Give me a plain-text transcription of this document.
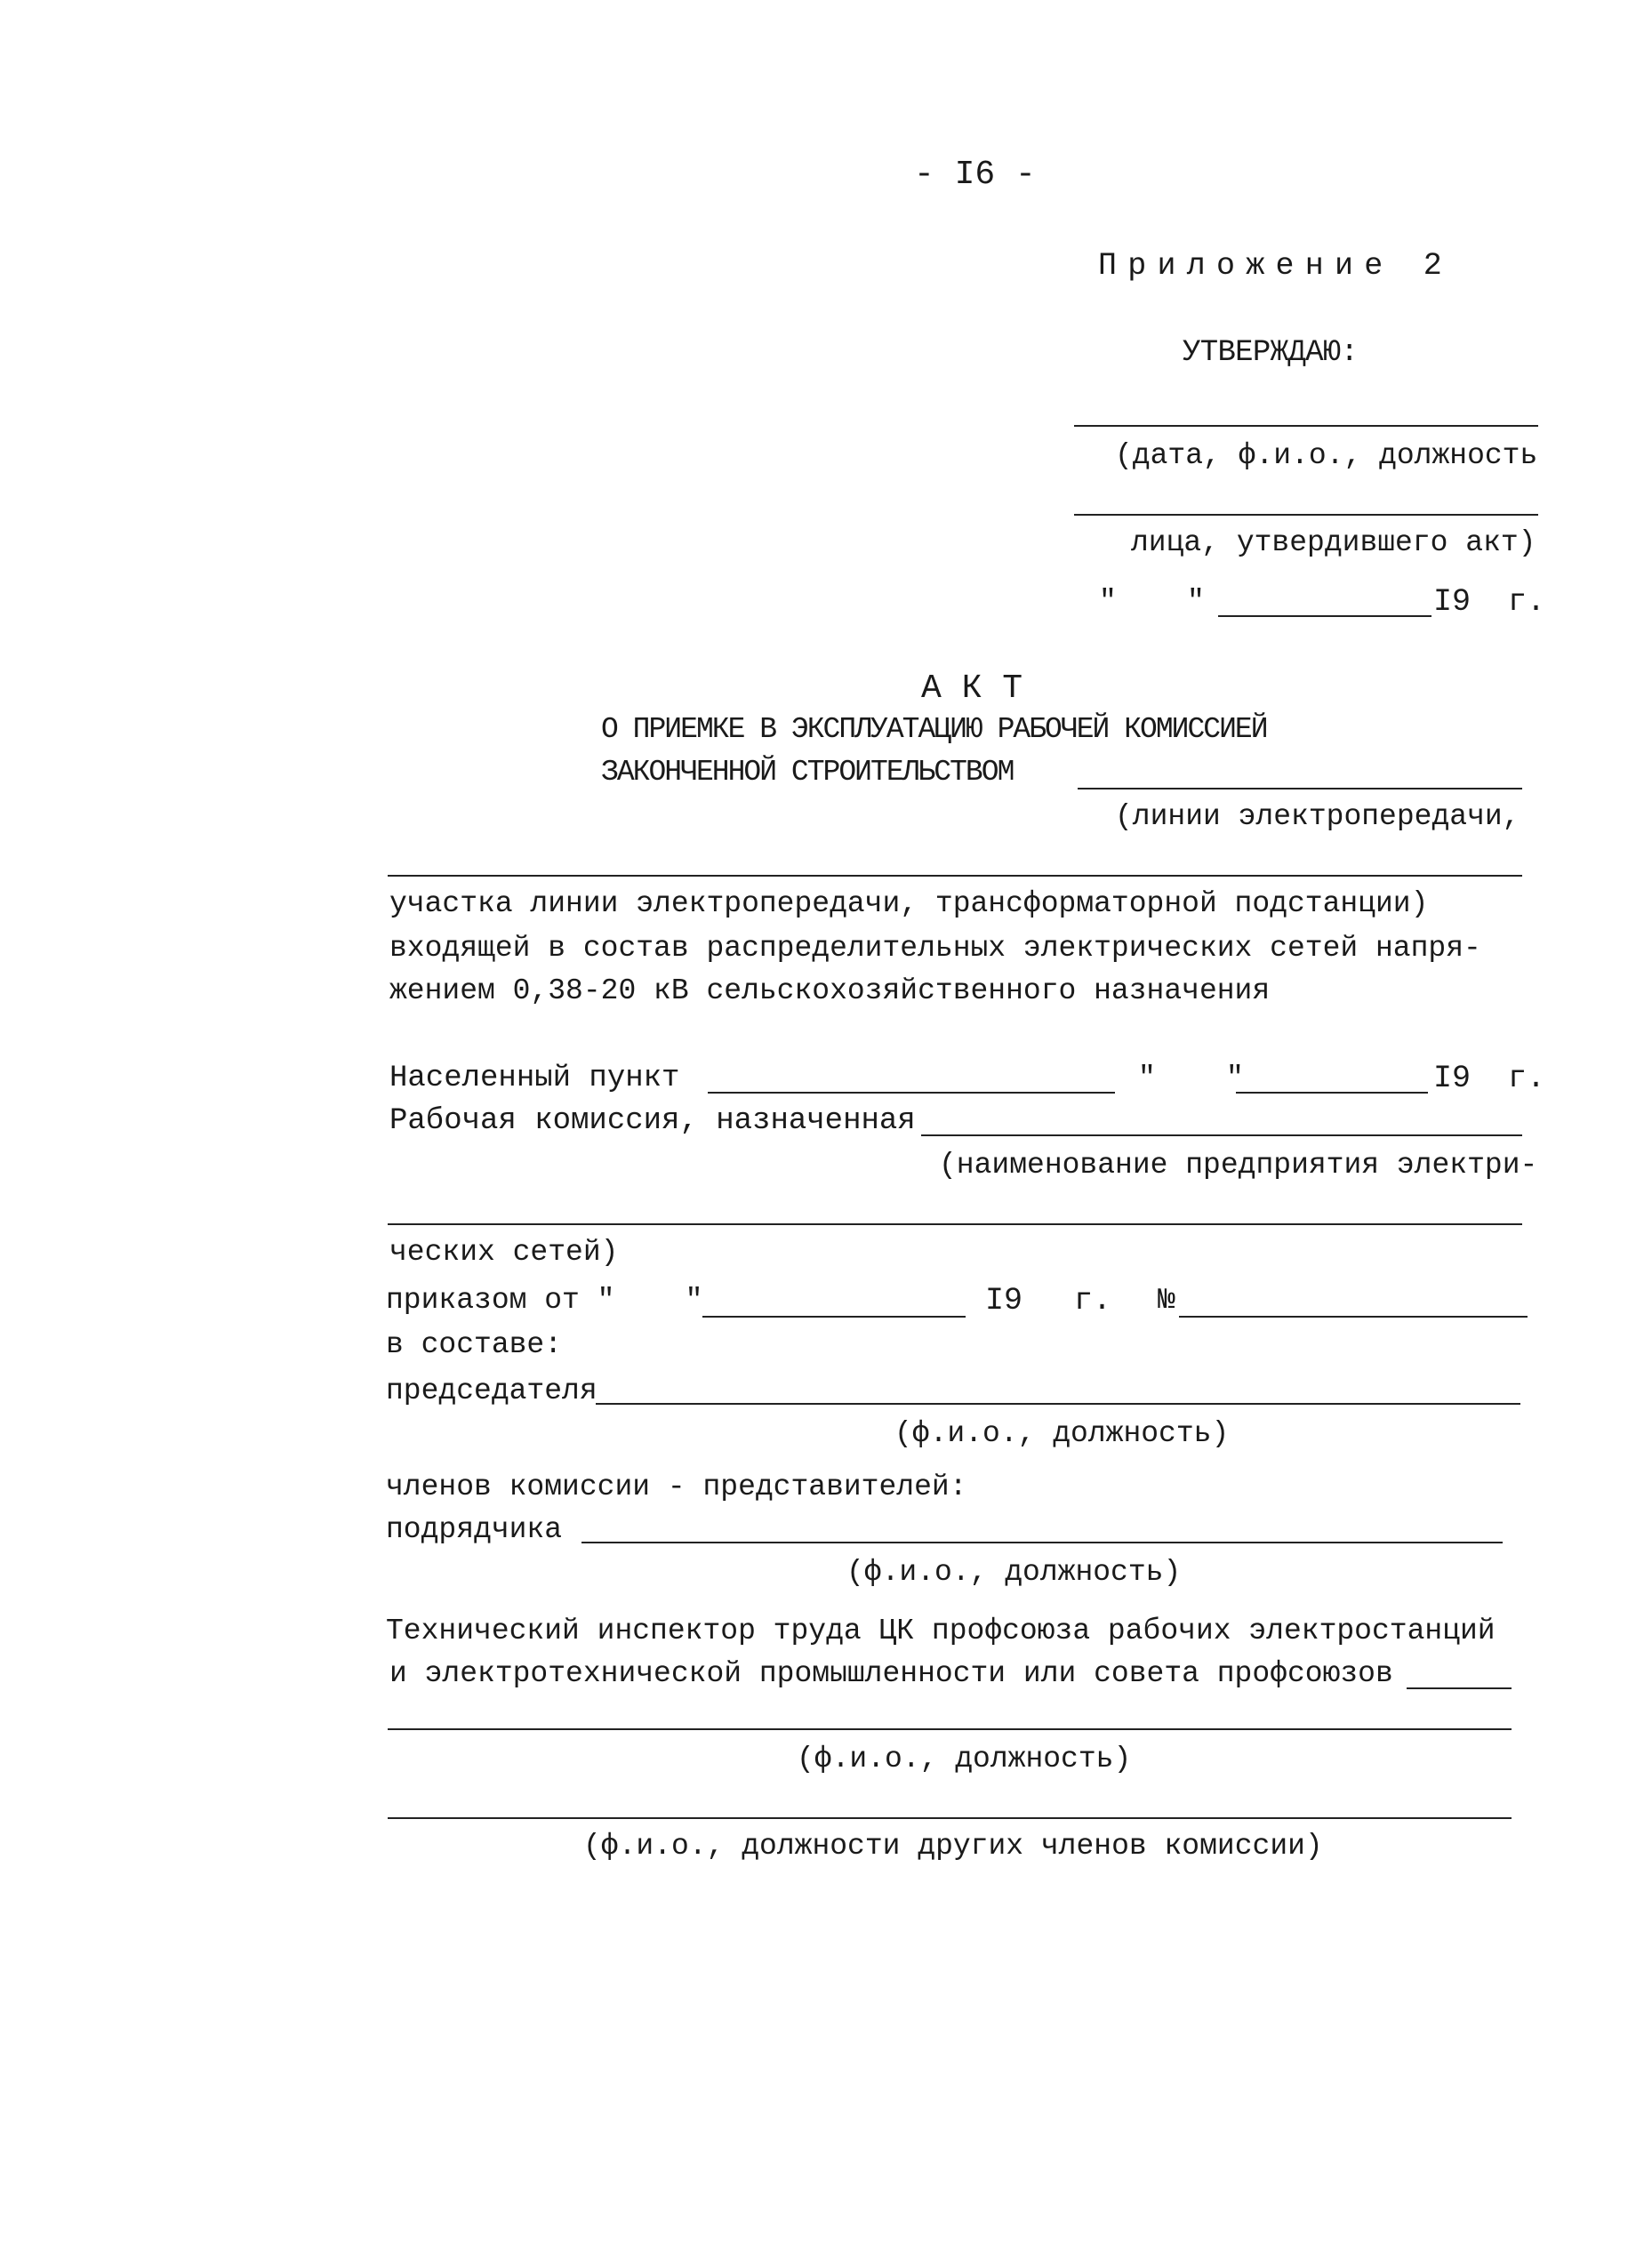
- I6 -
Приложение 2
УТВЕРЖДАЮ:
(дата, ф.и.о., должность
лица, утвердившего акт)
"    "	I9  г.
А К Т
О ПРИЕМКЕ В ЭКСПЛУАТАЦИЮ РАБОЧЕЙ КОМИССИЕЙ
ЗАКОНЧЕННОЙ СТРОИТЕЛЬСТВОМ
(линии электропередачи,
участка линии электропередачи, трансформаторной подстанции)
входящей в состав распределительных электрических сетей напря-
жением 0,38-20 кВ сельскохозяйственного назначения
Населенный пункт	"    "	I9  г.
Рабочая комиссия, назначенная
(наименование предприятия электри-
ческих сетей)
приказом от "    "	I9 г. №
в составе:
председателя
(ф.и.о., должность)
членов комиссии - представителей:
подрядчика
(ф.и.о., должность)
Технический инспектор труда ЦК профсоюза рабочих электростанций
и электротехнической промышленности или совета профсоюзов
(ф.и.о., должность)
(ф.и.о., должности других членов комиссии)
